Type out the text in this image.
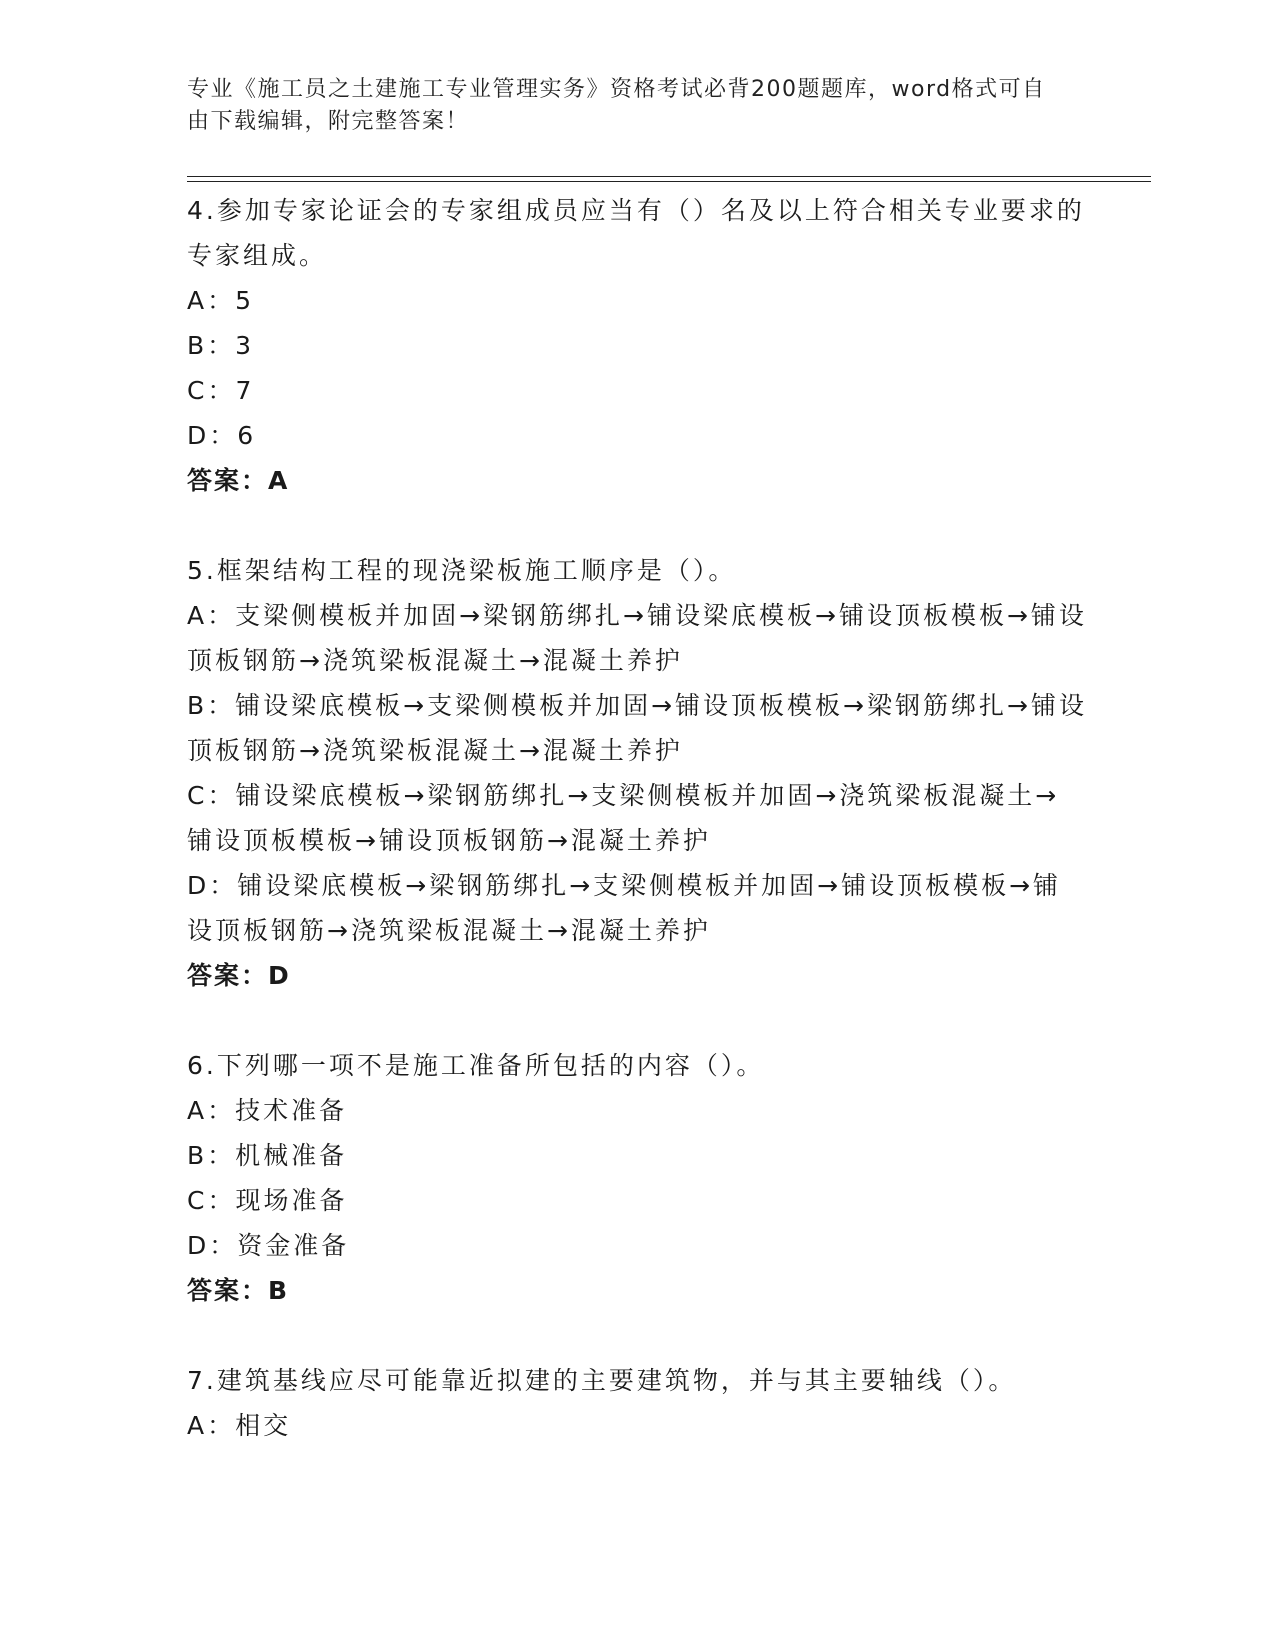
专业《施工员之土建施工专业管理实务》资格考试必背200题题库，word格式可自由下载编辑，附完整答案！

4.参加专家论证会的专家组成员应当有（）名及以上符合相关专业要求的专家组成。

A：5

B：3

C：7

D：6

答案：A

5.框架结构工程的现浇梁板施工顺序是（）。

A：支梁侧模板并加固→梁钢筋绑扎→铺设梁底模板→铺设顶板模板→铺设顶板钢筋→浇筑梁板混凝土→混凝土养护

B：铺设梁底模板→支梁侧模板并加固→铺设顶板模板→梁钢筋绑扎→铺设顶板钢筋→浇筑梁板混凝土→混凝土养护

C：铺设梁底模板→梁钢筋绑扎→支梁侧模板并加固→浇筑梁板混凝土→铺设顶板模板→铺设顶板钢筋→混凝土养护

D：铺设梁底模板→梁钢筋绑扎→支梁侧模板并加固→铺设顶板模板→铺设顶板钢筋→浇筑梁板混凝土→混凝土养护

答案：D

6.下列哪一项不是施工准备所包括的内容（）。

A：技术准备

B：机械准备

C：现场准备

D：资金准备

答案：B

7.建筑基线应尽可能靠近拟建的主要建筑物，并与其主要轴线（）。

A：相交
